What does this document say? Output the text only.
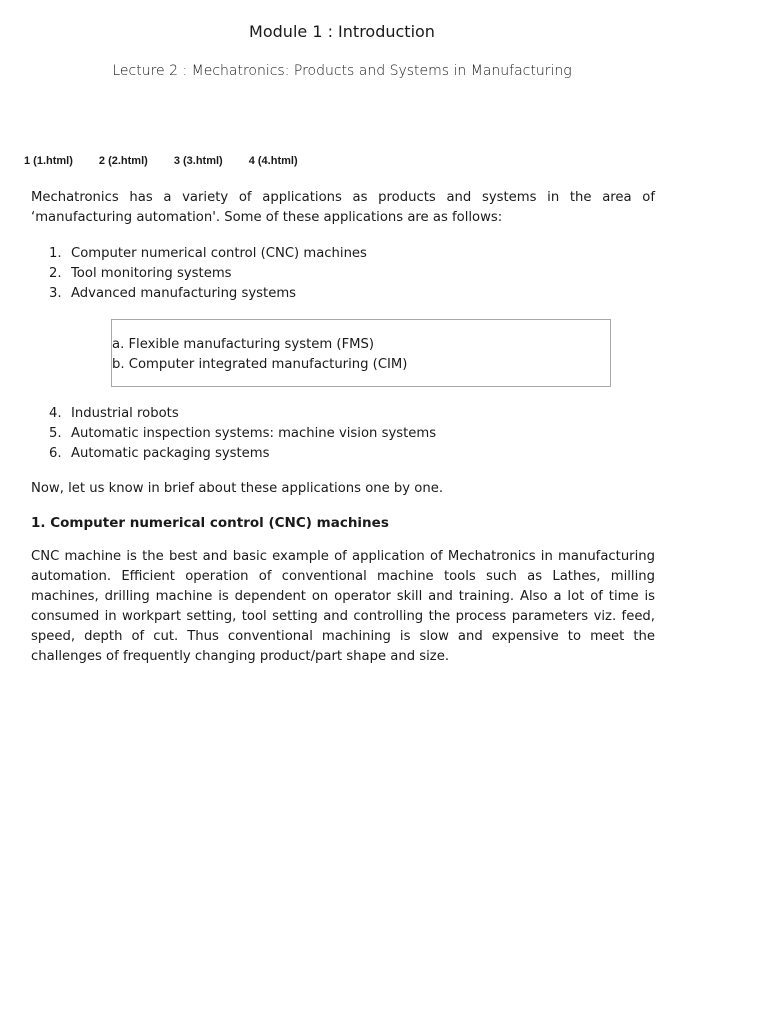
Module 1 : Introduction
Lecture 2 : Mechatronics: Products and Systems in Manufacturing
1 (1.html) 2 (2.html) 3 (3.html) 4 (4.html)

Mechatronics has a variety of applications as products and systems in the area of ‘manufacturing automation'. Some of these applications are as follows:

1. Computer numerical control (CNC) machines
2. Tool monitoring systems
3. Advanced manufacturing systems
a. Flexible manufacturing system (FMS)
b. Computer integrated manufacturing (CIM)
4. Industrial robots
5. Automatic inspection systems: machine vision systems
6. Automatic packaging systems

Now, let us know in brief about these applications one by one.

1. Computer numerical control (CNC) machines

CNC machine is the best and basic example of application of Mechatronics in manufacturing automation. Efficient operation of conventional machine tools such as Lathes, milling machines, drilling machine is dependent on operator skill and training. Also a lot of time is consumed in workpart setting, tool setting and controlling the process parameters viz. feed, speed, depth of cut. Thus conventional machining is slow and expensive to meet the challenges of frequently changing product/part shape and size.
